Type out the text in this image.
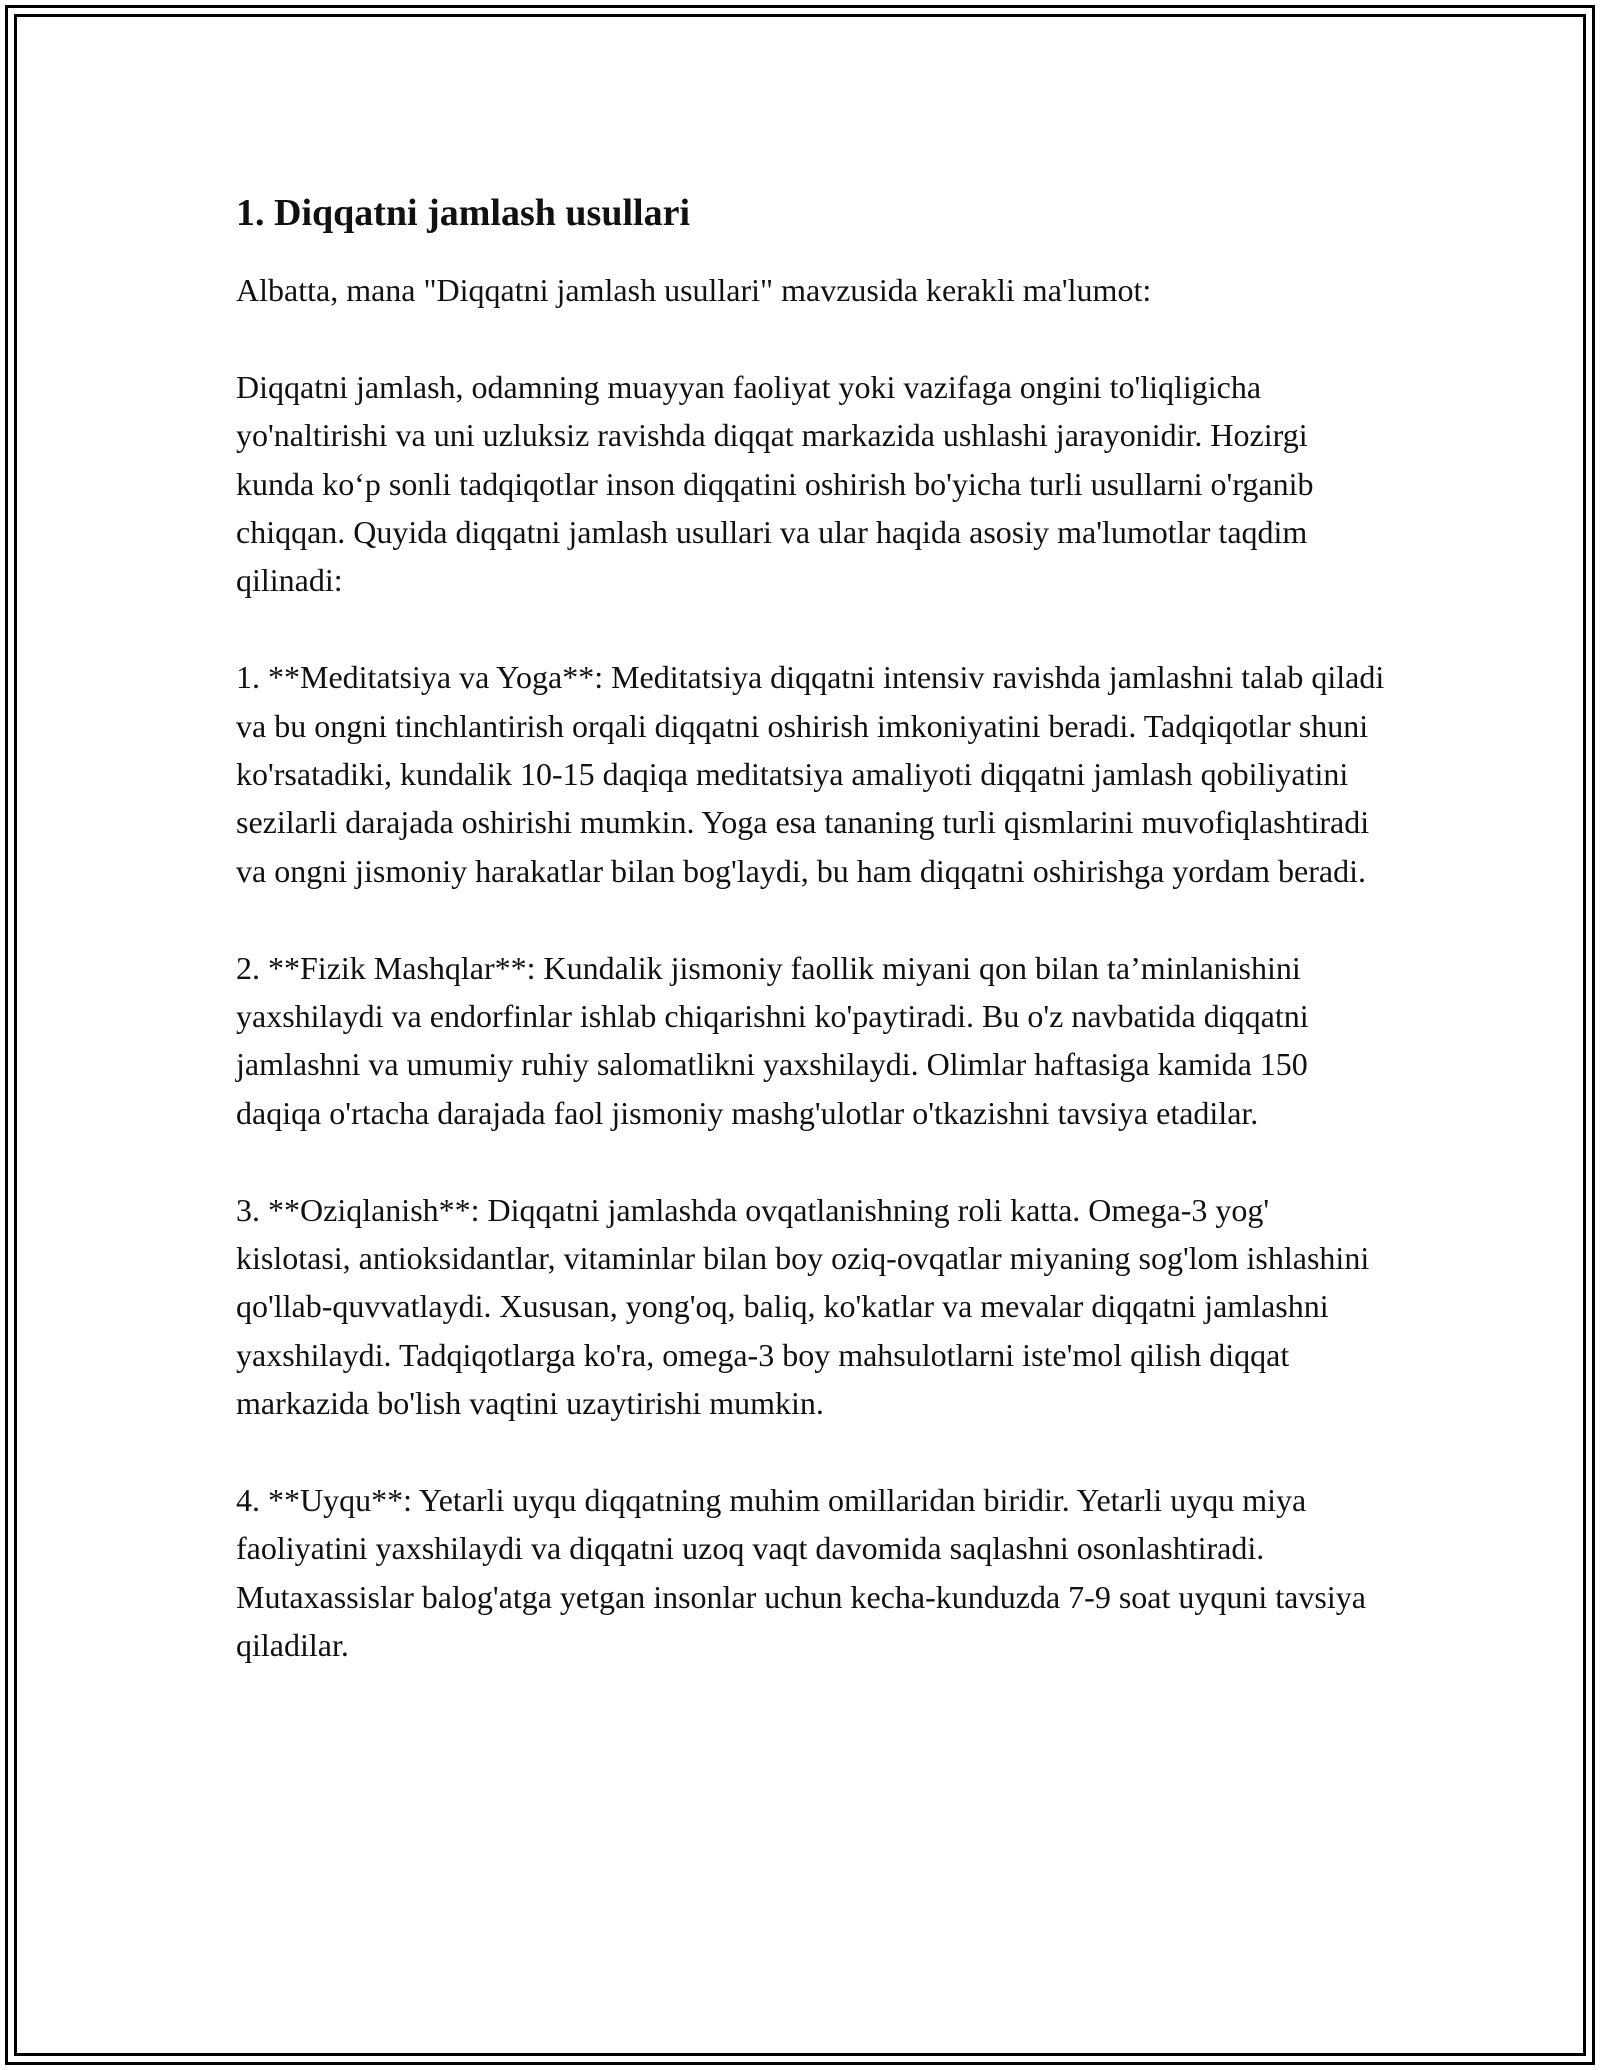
1. Diqqatni jamlash usullari

Albatta, mana "Diqqatni jamlash usullari" mavzusida kerakli ma'lumot:

Diqqatni jamlash, odamning muayyan faoliyat yoki vazifaga ongini to'liqligicha yo'naltirishi va uni uzluksiz ravishda diqqat markazida ushlashi jarayonidir. Hozirgi kunda ko‘p sonli tadqiqotlar inson diqqatini oshirish bo'yicha turli usullarni o'rganib chiqqan. Quyida diqqatni jamlash usullari va ular haqida asosiy ma'lumotlar taqdim qilinadi:

1. **Meditatsiya va Yoga**: Meditatsiya diqqatni intensiv ravishda jamlashni talab qiladi va bu ongni tinchlantirish orqali diqqatni oshirish imkoniyatini beradi. Tadqiqotlar shuni ko'rsatadiki, kundalik 10-15 daqiqa meditatsiya amaliyoti diqqatni jamlash qobiliyatini sezilarli darajada oshirishi mumkin. Yoga esa tananing turli qismlarini muvofiqlashtiradi va ongni jismoniy harakatlar bilan bog'laydi, bu ham diqqatni oshirishga yordam beradi.

2. **Fizik Mashqlar**: Kundalik jismoniy faollik miyani qon bilan ta’minlanishini yaxshilaydi va endorfinlar ishlab chiqarishni ko'paytiradi. Bu o'z navbatida diqqatni jamlashni va umumiy ruhiy salomatlikni yaxshilaydi. Olimlar haftasiga kamida 150 daqiqa o'rtacha darajada faol jismoniy mashg'ulotlar o'tkazishni tavsiya etadilar.

3. **Oziqlanish**: Diqqatni jamlashda ovqatlanishning roli katta. Omega-3 yog' kislotasi, antioksidantlar, vitaminlar bilan boy oziq-ovqatlar miyaning sog'lom ishlashini qo'llab-quvvatlaydi. Xususan, yong'oq, baliq, ko'katlar va mevalar diqqatni jamlashni yaxshilaydi. Tadqiqotlarga ko'ra, omega-3 boy mahsulotlarni iste'mol qilish diqqat markazida bo'lish vaqtini uzaytirishi mumkin.

4. **Uyqu**: Yetarli uyqu diqqatning muhim omillaridan biridir. Yetarli uyqu miya faoliyatini yaxshilaydi va diqqatni uzoq vaqt davomida saqlashni osonlashtiradi. Mutaxassislar balog'atga yetgan insonlar uchun kecha-kunduzda 7-9 soat uyquni tavsiya qiladilar.
